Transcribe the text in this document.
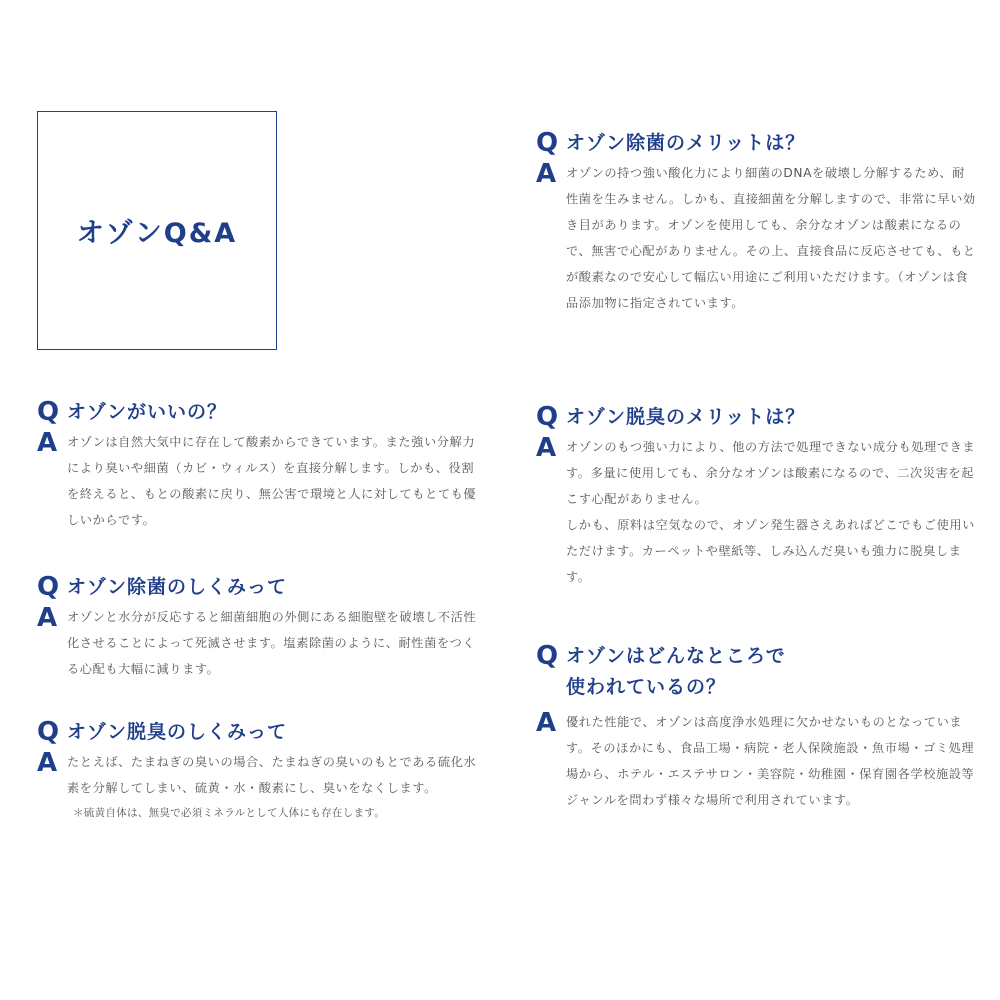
オゾンQ&A
Q オゾンがいいの？
A オゾンは自然大気中に存在して酸素からできています。また強い分解力により臭いや細菌（カビ・ウィルス）を直接分解します。しかも、役割を終えると、もとの酸素に戻り、無公害で環境と人に対してもとても優しいからです。

Q オゾン除菌のしくみって
A オゾンと水分が反応すると細菌細胞の外側にある細胞壁を破壊し不活性化させることによって死滅させます。塩素除菌のように、耐性菌をつくる心配も大幅に減ります。

Q オゾン脱臭のしくみって
A たとえば、たまねぎの臭いの場合、たまねぎの臭いのもとである硫化水素を分解してしまい、硫黄・水・酸素にし、臭いをなくします。

＊硫黄自体は、無臭で必須ミネラルとして人体にも存在します。

Q オゾン除菌のメリットは？
A オゾンの持つ強い酸化力により細菌のDNAを破壊し分解するため、耐性菌を生みません。しかも、直接細菌を分解しますので、非常に早い効き目があります。オゾンを使用しても、余分なオゾンは酸素になるので、無害で心配がありません。その上、直接食品に反応させても、もとが酸素なので安心して幅広い用途にご利用いただけます。（オゾンは食品添加物に指定されています。

Q オゾン脱臭のメリットは？
A オゾンのもつ強い力により、他の方法で処理できない成分も処理できます。多量に使用しても、余分なオゾンは酸素になるので、二次災害を起こす心配がありません。

しかも、原料は空気なので、オゾン発生器さえあればどこでもご使用いただけます。カーペットや壁紙等、しみ込んだ臭いも強力に脱臭します。

Q オゾンはどんなところで
使われているの？
A 優れた性能で、オゾンは高度浄水処理に欠かせないものとなっています。そのほかにも、食品工場・病院・老人保険施設・魚市場・ゴミ処理場から、ホテル・エステサロン・美容院・幼稚園・保育園各学校施設等ジャンルを問わず様々な場所で利用されています。
